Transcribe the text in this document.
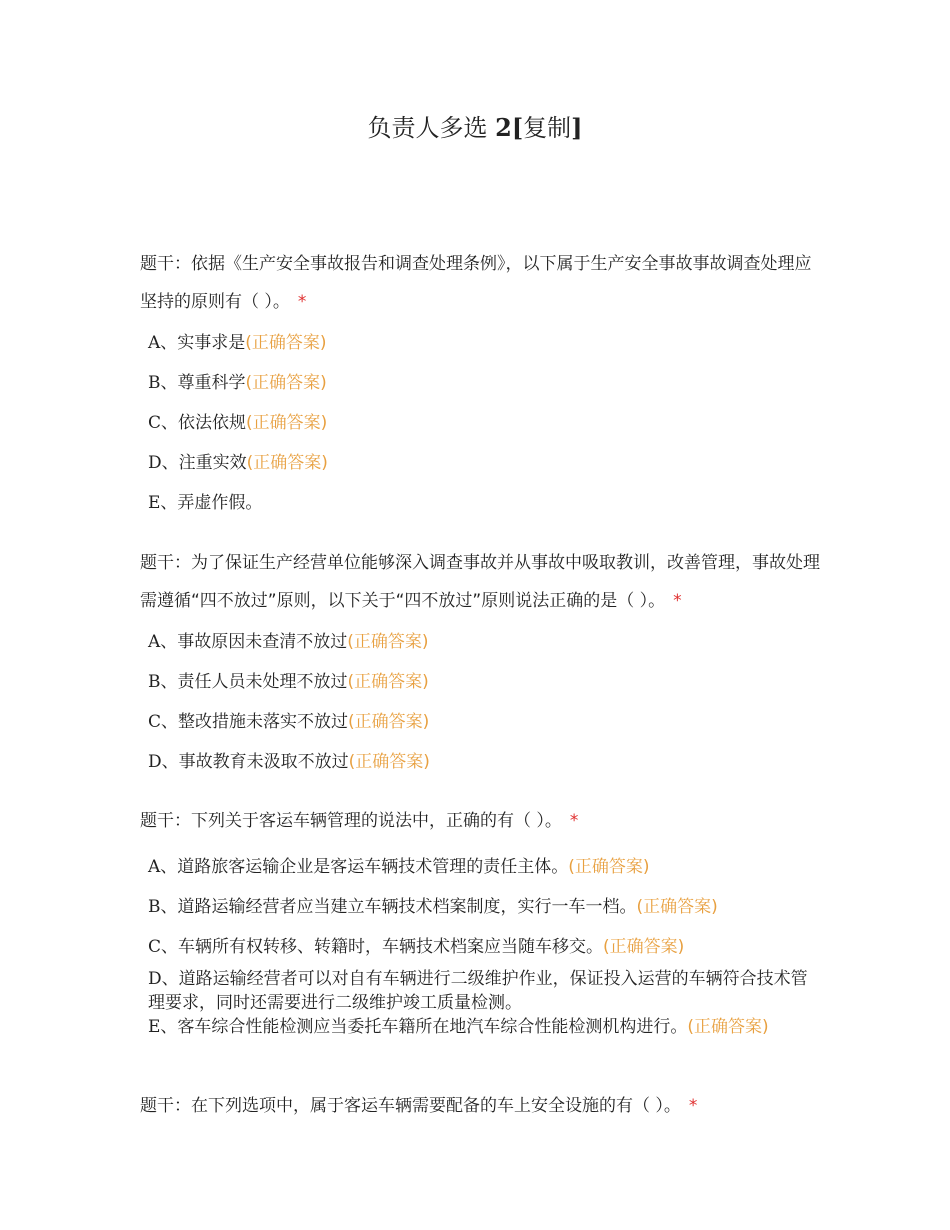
负责人多选 2[复制]

题干：依据《生产安全事故报告和调查处理条例》，以下属于生产安全事故事故调查处理应坚持的原则有（ ）。 *

A、实事求是(正确答案)
B、尊重科学(正确答案)
C、依法依规(正确答案)
D、注重实效(正确答案)
E、弄虚作假。

题干：为了保证生产经营单位能够深入调查事故并从事故中吸取教训，改善管理，事故处理需遵循“四不放过”原则，以下关于“四不放过”原则说法正确的是（ ）。 *

A、事故原因未查清不放过(正确答案)
B、责任人员未处理不放过(正确答案)
C、整改措施未落实不放过(正确答案)
D、事故教育未汲取不放过(正确答案)

题干：下列关于客运车辆管理的说法中，正确的有（ ）。 *

A、道路旅客运输企业是客运车辆技术管理的责任主体。(正确答案)
B、道路运输经营者应当建立车辆技术档案制度，实行一车一档。(正确答案)
C、车辆所有权转移、转籍时，车辆技术档案应当随车移交。(正确答案)
D、道路运输经营者可以对自有车辆进行二级维护作业，保证投入运营的车辆符合技术管理要求，同时还需要进行二级维护竣工质量检测。
E、客车综合性能检测应当委托车籍所在地汽车综合性能检测机构进行。(正确答案)

题干：在下列选项中，属于客运车辆需要配备的车上安全设施的有（ ）。 *
